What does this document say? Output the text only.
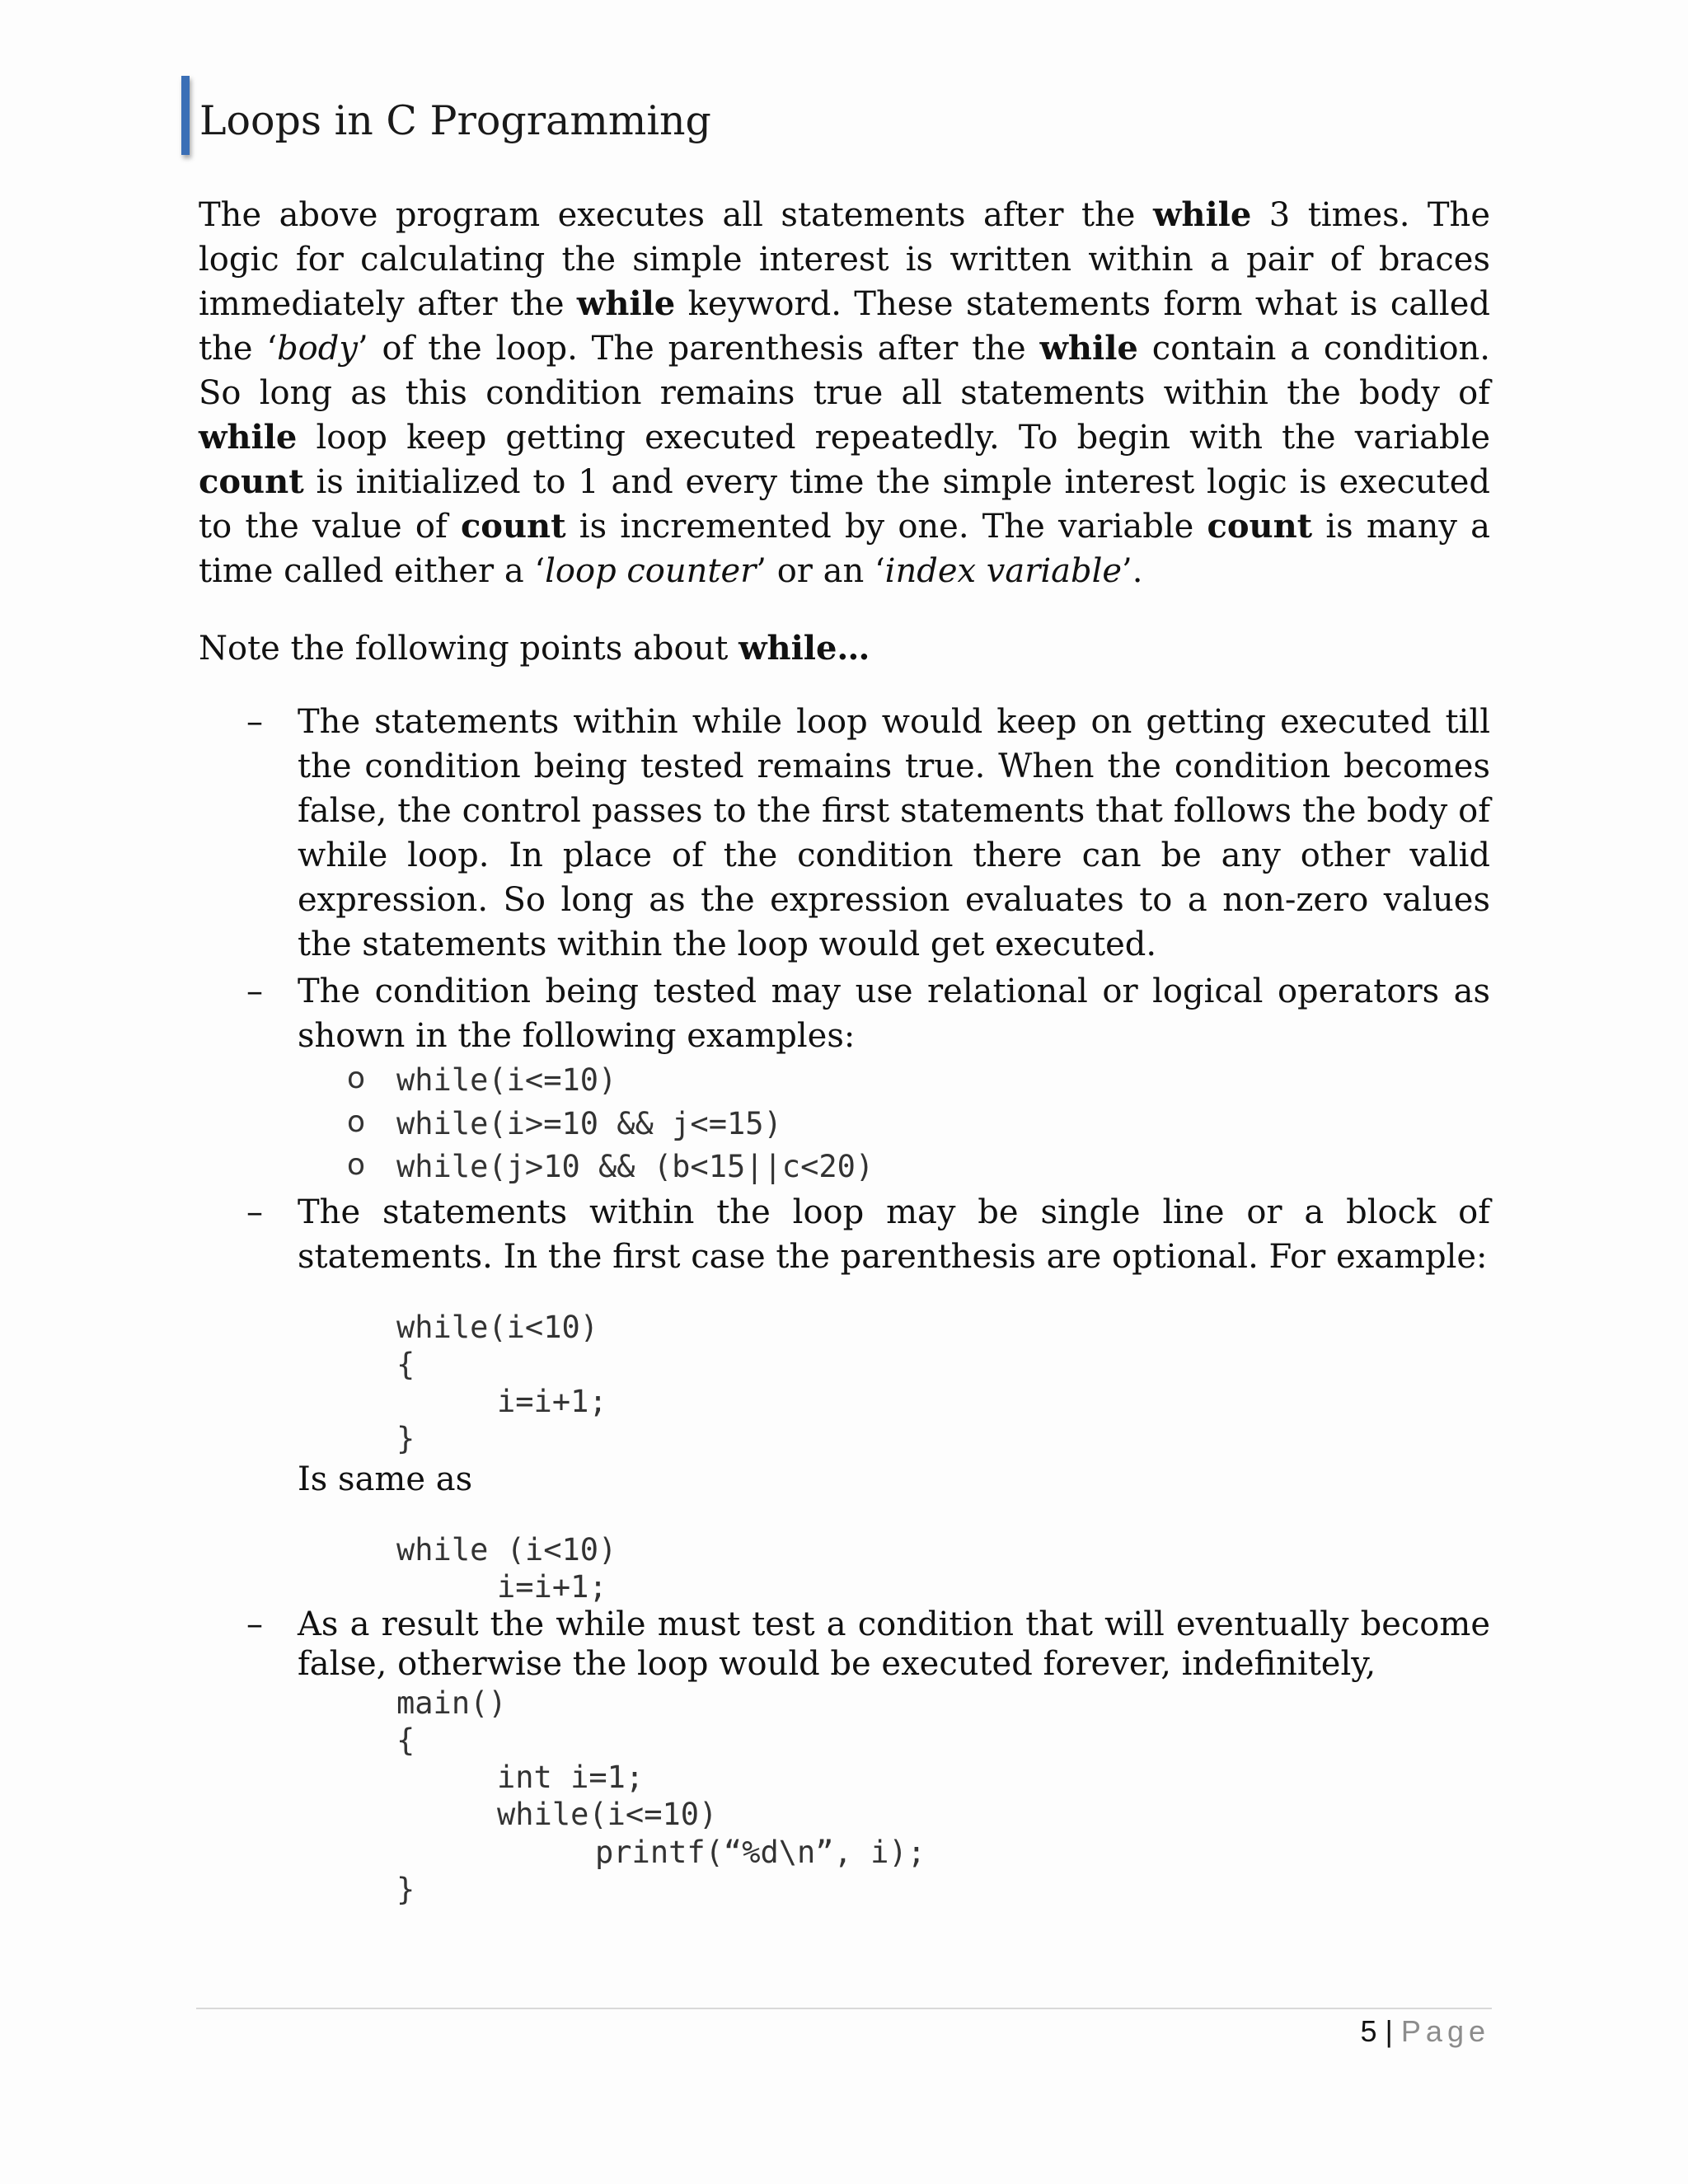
Loops in C Programming

The above program executes all statements after the while 3 times. The logic for calculating the simple interest is written within a pair of braces immediately after the while keyword. These statements form what is called the ‘body’ of the loop. The parenthesis after the while contain a condition. So long as this condition remains true all statements within the body of while loop keep getting executed repeatedly. To begin with the variable count is initialized to 1 and every time the simple interest logic is executed to the value of count is incremented by one. The variable count is many a time called either a ‘loop counter’ or an ‘index variable’.

Note the following points about while…
– The statements within while loop would keep on getting executed till the condition being tested remains true. When the condition becomes false, the control passes to the first statements that follows the body of while loop. In place of the condition there can be any other valid expression. So long as the expression evaluates to a non-zero values the statements within the loop would get executed.
– The condition being tested may use relational or logical operators as shown in the following examples:
o while(i<=10)
o while(i>=10 && j<=15)
o while(j>10 && (b<15||c<20)
– The statements within the loop may be single line or a block of statements. In the first case the parenthesis are optional. For example:
while(i<10)
{
i=i+1;
}
Is same as
while (i<10)
i=i+1;
– As a result the while must test a condition that will eventually become false, otherwise the loop would be executed forever, indefinitely,
main()
{
int i=1;
while(i<=10)
printf(“%d\n”, i);
}
5 | Page
